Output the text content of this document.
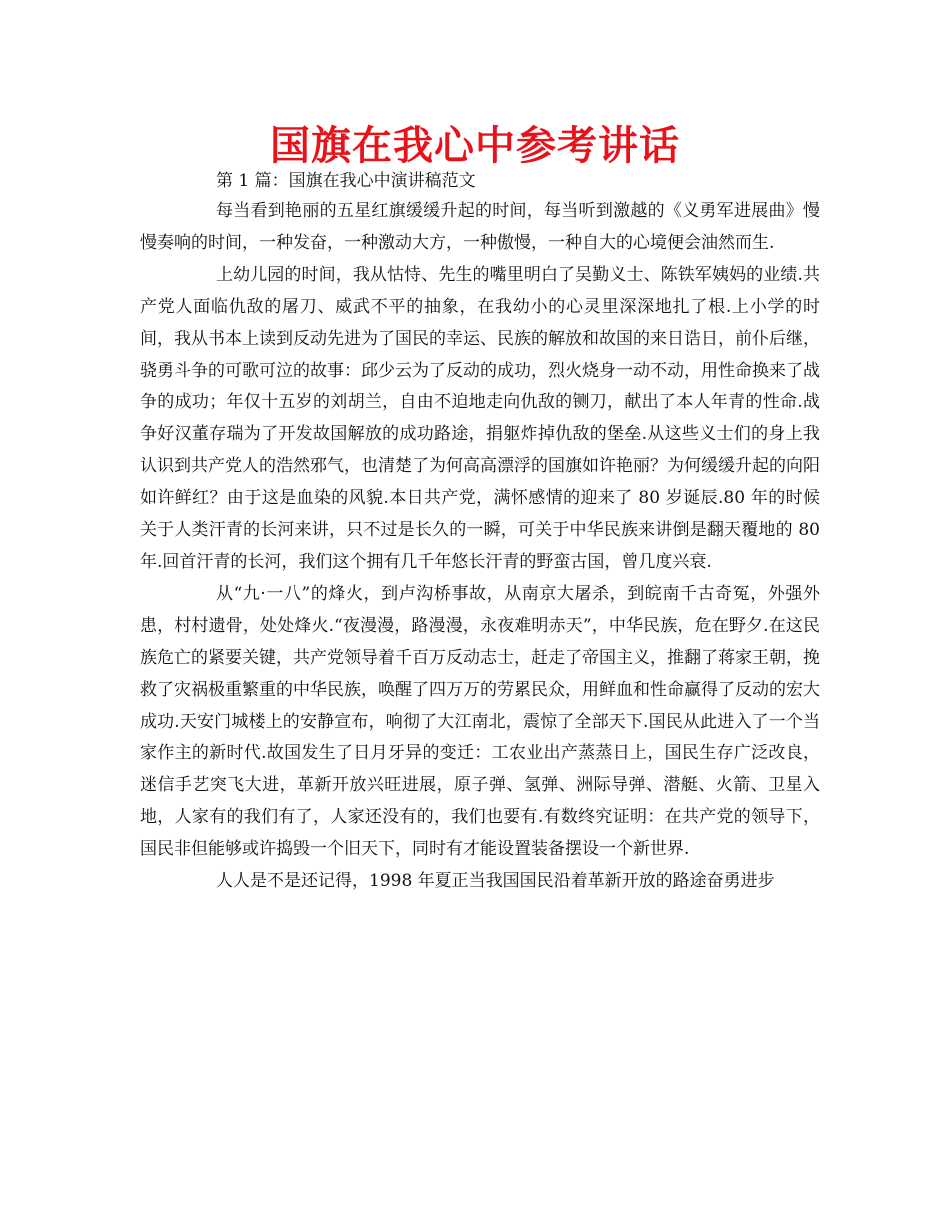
国旗在我心中参考讲话
第 1 篇：国旗在我心中演讲稿范文

每当看到艳丽的五星红旗缓缓升起的时间，每当听到激越的《义勇军进展曲》慢慢奏响的时间，一种发奋，一种激动大方，一种傲慢，一种自大的心境便会油然而生.

上幼儿园的时间，我从怙恃、先生的嘴里明白了吴勤义士、陈铁军姨妈的业绩.共产党人面临仇敌的屠刀、威武不平的抽象，在我幼小的心灵里深深地扎了根.上小学的时间，我从书本上读到反动先进为了国民的幸运、民族的解放和故国的来日诰日，前仆后继，骁勇斗争的可歌可泣的故事：邱少云为了反动的成功，烈火烧身一动不动，用性命换来了战争的成功；年仅十五岁的刘胡兰，自由不迫地走向仇敌的铡刀，献出了本人年青的性命.战争好汉董存瑞为了开发故国解放的成功路途，捐躯炸掉仇敌的堡垒.从这些义士们的身上我认识到共产党人的浩然邪气，也清楚了为何高高漂浮的国旗如许艳丽？为何缓缓升起的向阳如许鲜红？由于这是血染的风貌.本日共产党，满怀感情的迎来了 80 岁诞辰.80 年的时候关于人类汗青的长河来讲，只不过是长久的一瞬，可关于中华民族来讲倒是翻天覆地的 80 年.回首汗青的长河，我们这个拥有几千年悠长汗青的野蛮古国，曾几度兴衰.

从“九·一八”的烽火，到卢沟桥事故，从南京大屠杀，到皖南千古奇冤，外强外患，村村遗骨，处处烽火.“夜漫漫，路漫漫，永夜难明赤天”，中华民族，危在野夕.在这民族危亡的紧要关键，共产党领导着千百万反动志士，赶走了帝国主义，推翻了蒋家王朝，挽救了灾祸极重繁重的中华民族，唤醒了四万万的劳累民众，用鲜血和性命赢得了反动的宏大成功.天安门城楼上的安静宣布，响彻了大江南北，震惊了全部天下.国民从此进入了一个当家作主的新时代.故国发生了日月牙异的变迁：工农业出产蒸蒸日上，国民生存广泛改良，迷信手艺突飞大进，革新开放兴旺进展，原子弹、氢弹、洲际导弹、潜艇、火箭、卫星入地，人家有的我们有了，人家还没有的，我们也要有.有数终究证明：在共产党的领导下，国民非但能够或许捣毁一个旧天下，同时有才能设置装备摆设一个新世界.

人人是不是还记得，1998 年夏正当我国国民沿着革新开放的路途奋勇进步
